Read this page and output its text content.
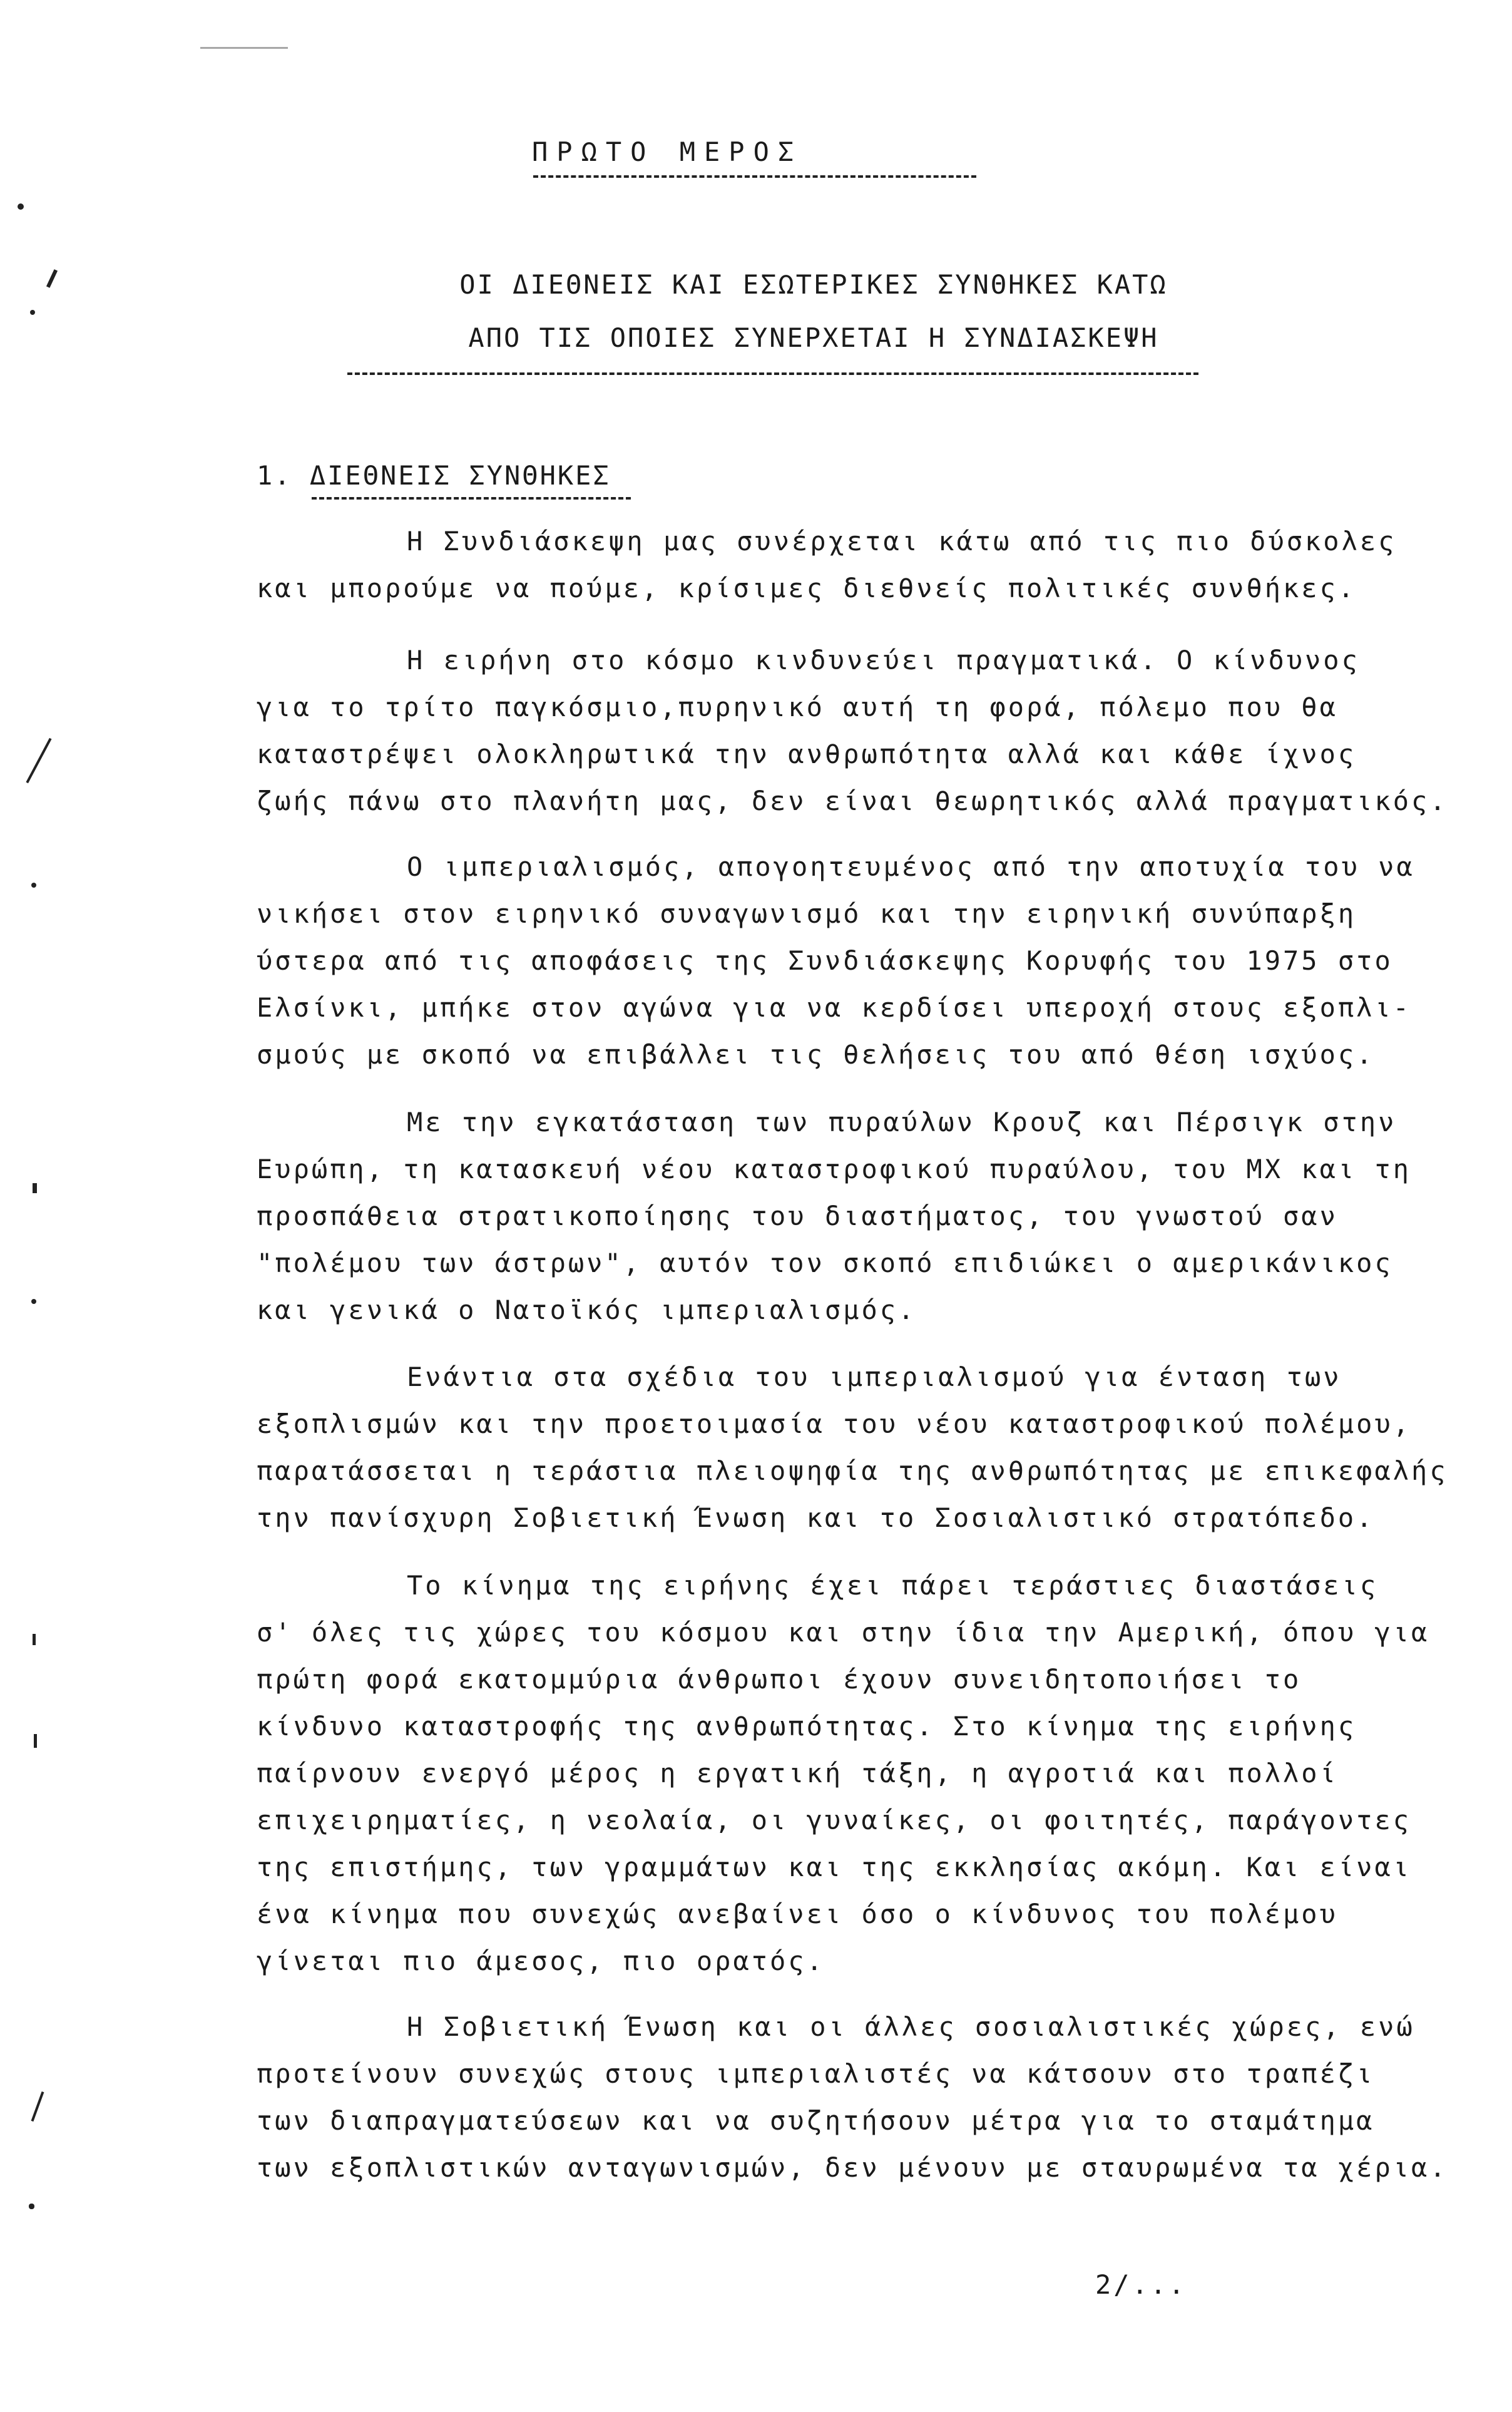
ΠΡΩΤΟ ΜΕΡΟΣ
ΟΙ ΔΙΕΘΝΕΙΣ ΚΑΙ ΕΣΩΤΕΡΙΚΕΣ ΣΥΝΘΗΚΕΣ ΚΑΤΩ
ΑΠΟ ΤΙΣ ΟΠΟΙΕΣ ΣΥΝΕΡΧΕΤΑΙ Η ΣΥΝΔΙΑΣΚΕΨΗ
1. ΔΙΕΘΝΕΙΣ ΣΥΝΘΗΚΕΣ
Η Συνδιάσκεψη μας συνέρχεται κάτω από τις πιο δύσκολες
και μπορούμε να πούμε, κρίσιμες διεθνείς πολιτικές συνθήκες.
Η ειρήνη στο κόσμο κινδυνεύει πραγματικά. Ο κίνδυνος
για το τρίτο παγκόσμιο,πυρηνικό αυτή τη φορά, πόλεμο που θα
καταστρέψει ολοκληρωτικά την ανθρωπότητα αλλά και κάθε ίχνος
ζωής πάνω στο πλανήτη μας, δεν είναι θεωρητικός αλλά πραγματικός.
Ο ιμπεριαλισμός, απογοητευμένος από την αποτυχία του να
νικήσει στον ειρηνικό συναγωνισμό και την ειρηνική συνύπαρξη
ύστερα από τις αποφάσεις της Συνδιάσκεψης Κορυφής του 1975 στο
Ελσίνκι, μπήκε στον αγώνα για να κερδίσει υπεροχή στους εξοπλι-
σμούς με σκοπό να επιβάλλει τις θελήσεις του από θέση ισχύος.
Με την εγκατάσταση των πυραύλων Κρουζ και Πέρσιγκ στην
Ευρώπη, τη κατασκευή νέου καταστροφικού πυραύλου, του ΜΧ και τη
προσπάθεια στρατικοποίησης του διαστήματος, του γνωστού σαν
"πολέμου των άστρων", αυτόν τον σκοπό επιδιώκει ο αμερικάνικος
και γενικά ο Νατοϊκός ιμπεριαλισμός.
Ενάντια στα σχέδια του ιμπεριαλισμού για ένταση των
εξοπλισμών και την προετοιμασία του νέου καταστροφικού πολέμου,
παρατάσσεται η τεράστια πλειοψηφία της ανθρωπότητας με επικεφαλής
την πανίσχυρη Σοβιετική Ένωση και το Σοσιαλιστικό στρατόπεδο.
Το κίνημα της ειρήνης έχει πάρει τεράστιες διαστάσεις
σ' όλες τις χώρες του κόσμου και στην ίδια την Αμερική, όπου για
πρώτη φορά εκατομμύρια άνθρωποι έχουν συνειδητοποιήσει το
κίνδυνο καταστροφής της ανθρωπότητας. Στο κίνημα της ειρήνης
παίρνουν ενεργό μέρος η εργατική τάξη, η αγροτιά και πολλοί
επιχειρηματίες, η νεολαία, οι γυναίκες, οι φοιτητές, παράγοντες
της επιστήμης, των γραμμάτων και της εκκλησίας ακόμη. Και είναι
ένα κίνημα που συνεχώς ανεβαίνει όσο ο κίνδυνος του πολέμου
γίνεται πιο άμεσος, πιο ορατός.
Η Σοβιετική Ένωση και οι άλλες σοσιαλιστικές χώρες, ενώ
προτείνουν συνεχώς στους ιμπεριαλιστές να κάτσουν στο τραπέζι
των διαπραγματεύσεων και να συζητήσουν μέτρα για το σταμάτημα
των εξοπλιστικών ανταγωνισμών, δεν μένουν με σταυρωμένα τα χέρια.
2/...
